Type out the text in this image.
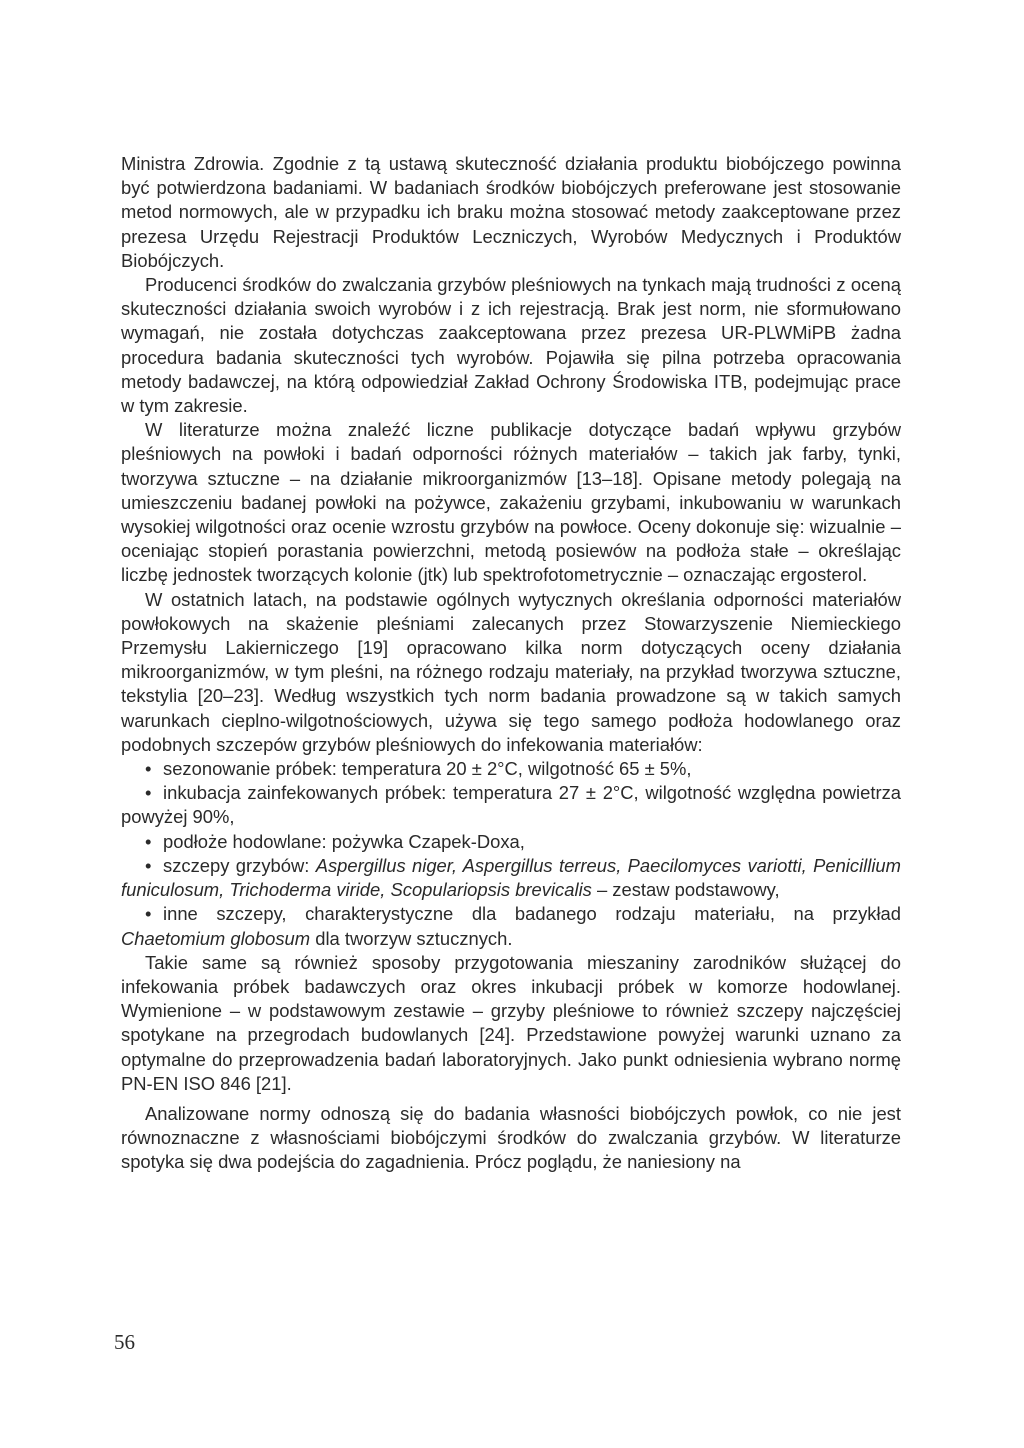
Ministra Zdrowia. Zgodnie z tą ustawą skuteczność działania produktu biobójczego powinna być potwierdzona badaniami. W badaniach środków biobójczych preferowane jest stosowanie metod normowych, ale w przypadku ich braku można stosować metody zaakceptowane przez prezesa Urzędu Rejestracji Produktów Leczniczych, Wyrobów Medycznych i Produktów Biobójczych.

Producenci środków do zwalczania grzybów pleśniowych na tynkach mają trudności z oceną skuteczności działania swoich wyrobów i z ich rejestracją. Brak jest norm, nie sformułowano wymagań, nie została dotychczas zaakceptowana przez prezesa UR-PLWMiPB żadna procedura badania skuteczności tych wyrobów. Pojawiła się pilna potrzeba opracowania metody badawczej, na którą odpowiedział Zakład Ochrony Środowiska ITB, podejmując prace w tym zakresie.

W literaturze można znaleźć liczne publikacje dotyczące badań wpływu grzybów pleśniowych na powłoki i badań odporności różnych materiałów – takich jak farby, tynki, tworzywa sztuczne – na działanie mikroorganizmów [13–18]. Opisane metody polegają na umieszczeniu badanej powłoki na pożywce, zakażeniu grzybami, inkubowaniu w warunkach wysokiej wilgotności oraz ocenie wzrostu grzybów na powłoce. Oceny dokonuje się: wizualnie – oceniając stopień porastania powierzchni, metodą posiewów na podłoża stałe – określając liczbę jednostek tworzących kolonie (jtk) lub spektrofotometrycznie – oznaczając ergosterol.

W ostatnich latach, na podstawie ogólnych wytycznych określania odporności materiałów powłokowych na skażenie pleśniami zalecanych przez Stowarzyszenie Niemieckiego Przemysłu Lakierniczego [19] opracowano kilka norm dotyczących oceny działania mikroorganizmów, w tym pleśni, na różnego rodzaju materiały, na przykład tworzywa sztuczne, tekstylia [20–23]. Według wszystkich tych norm badania prowadzone są w takich samych warunkach cieplno-wilgotnościowych, używa się tego samego podłoża hodowlanego oraz podobnych szczepów grzybów pleśniowych do infekowania materiałów:

• sezonowanie próbek: temperatura 20 ± 2°C, wilgotność 65 ± 5%,
• inkubacja zainfekowanych próbek: temperatura 27 ± 2°C, wilgotność względna powietrza powyżej 90%,
• podłoże hodowlane: pożywka Czapek-Doxa,
• szczepy grzybów: Aspergillus niger, Aspergillus terreus, Paecilomyces variotti, Penicillium funiculosum, Trichoderma viride, Scopulariopsis brevicalis – zestaw podstawowy,
• inne szczepy, charakterystyczne dla badanego rodzaju materiału, na przykład Chaetomium globosum dla tworzyw sztucznych.

Takie same są również sposoby przygotowania mieszaniny zarodników służącej do infekowania próbek badawczych oraz okres inkubacji próbek w komorze hodowlanej. Wymienione – w podstawowym zestawie – grzyby pleśniowe to również szczepy najczęściej spotykane na przegrodach budowlanych [24]. Przedstawione powyżej warunki uznano za optymalne do przeprowadzenia badań laboratoryjnych. Jako punkt odniesienia wybrano normę PN-EN ISO 846 [21].

Analizowane normy odnoszą się do badania własności biobójczych powłok, co nie jest równoznaczne z własnościami biobójczymi środków do zwalczania grzybów. W literaturze spotyka się dwa podejścia do zagadnienia. Prócz poglądu, że naniesiony na

56
